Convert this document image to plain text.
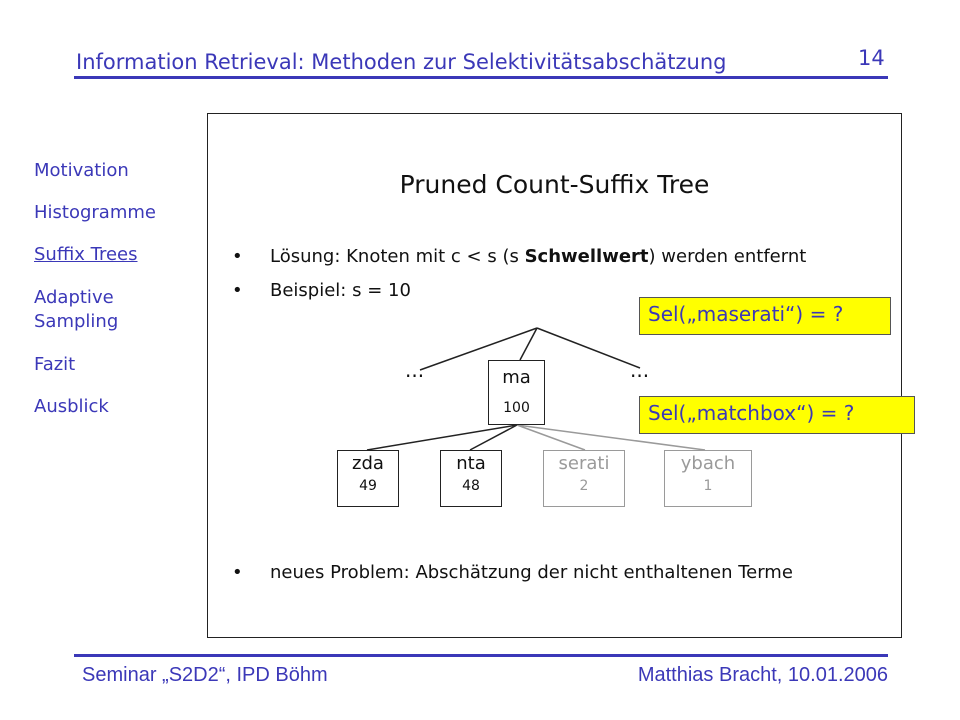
Information Retrieval: Methoden zur Selektivitätsabschätzung	14
Motivation
Histogramme
Suffix Trees
Adaptive Sampling
Fazit
Ausblick
Pruned Count-Suffix Tree
• Lösung: Knoten mit c < s (s Schwellwert) werden entfernt
• Beispiel: s = 10
• neues Problem: Abschätzung der nicht enthaltenen Terme
...	...
ma
100
zda
49
nta
48
serati
2
ybach
1
Sel(„maserati“) = ?
Sel(„matchbox“) = ?
Seminar „S2D2“, IPD Böhm	Matthias Bracht, 10.01.2006
